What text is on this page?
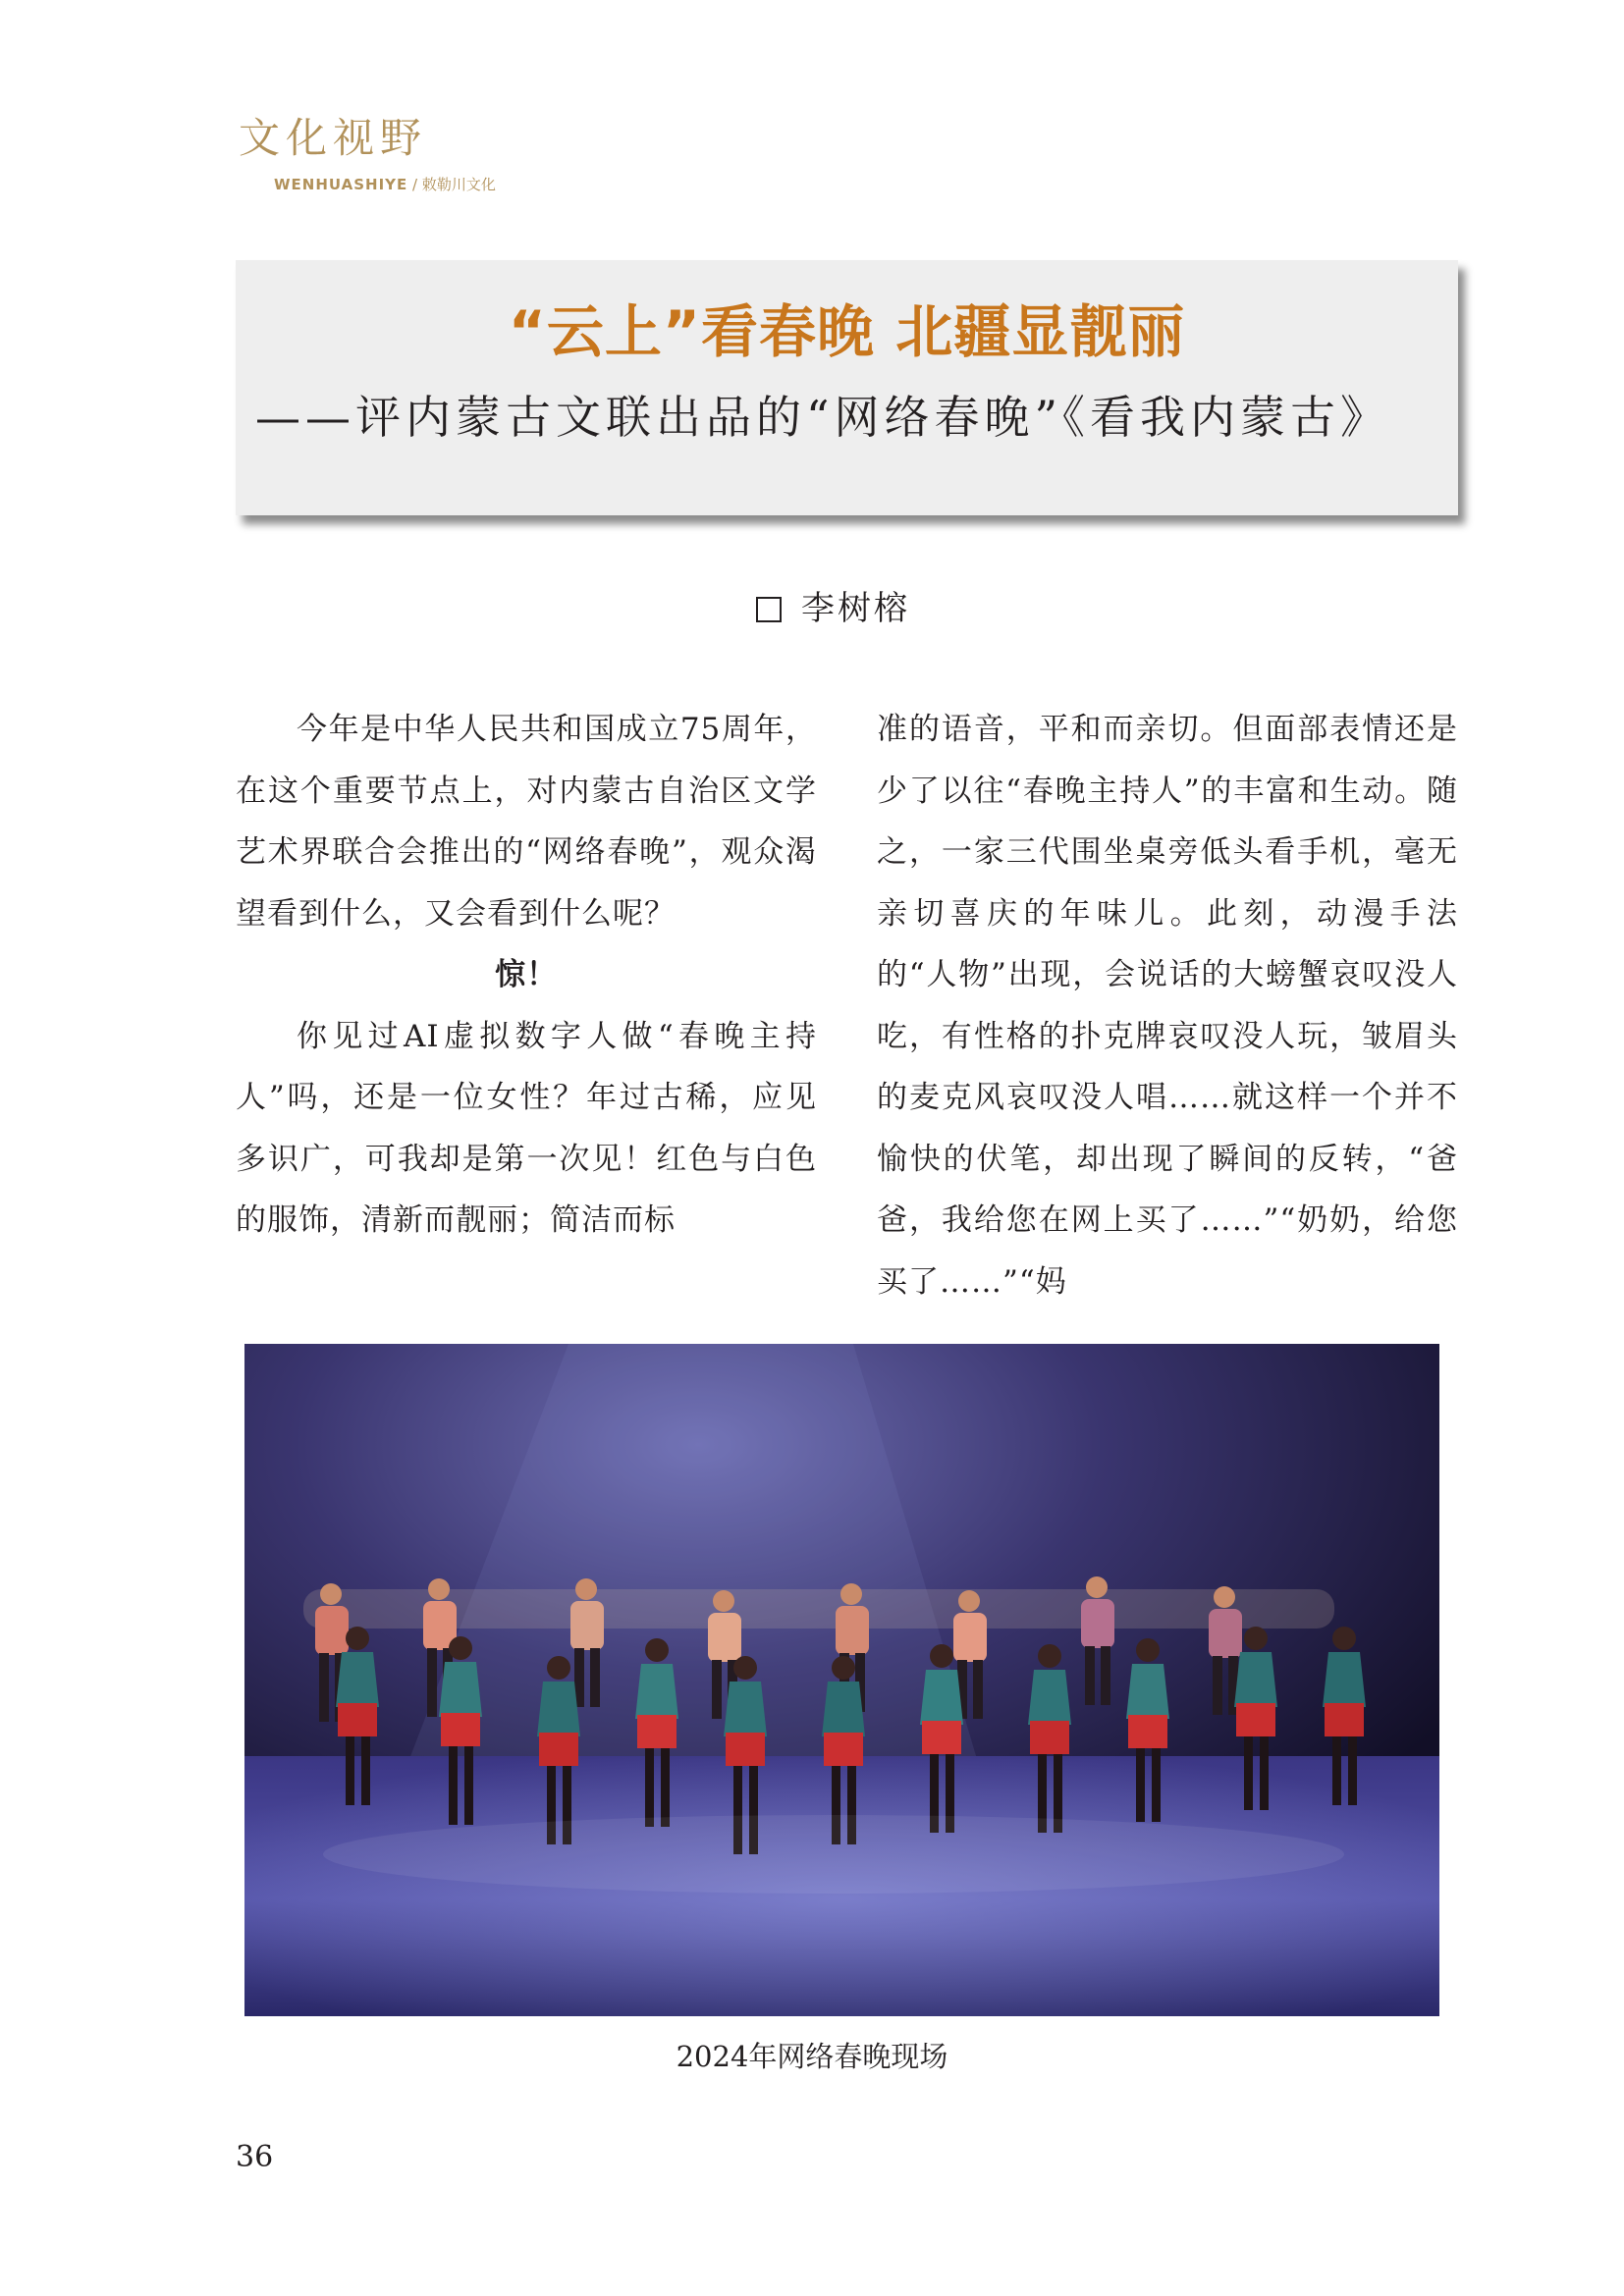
文化视野
WENHUASHIYE / 敕勒川文化
“云上”看春晚 北疆显靓丽
——评内蒙古文联出品的“网络春晚”《看我内蒙古》
李树榕

今年是中华人民共和国成立75周年，在这个重要节点上，对内蒙古自治区文学艺术界联合会推出的“网络春晚”，观众渴望看到什么，又会看到什么呢？

惊！

你见过AI虚拟数字人做“春晚主持人”吗，还是一位女性？年过古稀，应见多识广，可我却是第一次见！红色与白色的服饰，清新而靓丽；简洁而标

准的语音，平和而亲切。但面部表情还是少了以往“春晚主持人”的丰富和生动。随之，一家三代围坐桌旁低头看手机，毫无亲切喜庆的年味儿。此刻，动漫手法的“人物”出现，会说话的大螃蟹哀叹没人吃，有性格的扑克牌哀叹没人玩，皱眉头的麦克风哀叹没人唱……就这样一个并不愉快的伏笔，却出现了瞬间的反转，“爸爸，我给您在网上买了……”“奶奶，给您买了……”“妈

2024年网络春晚现场
36
